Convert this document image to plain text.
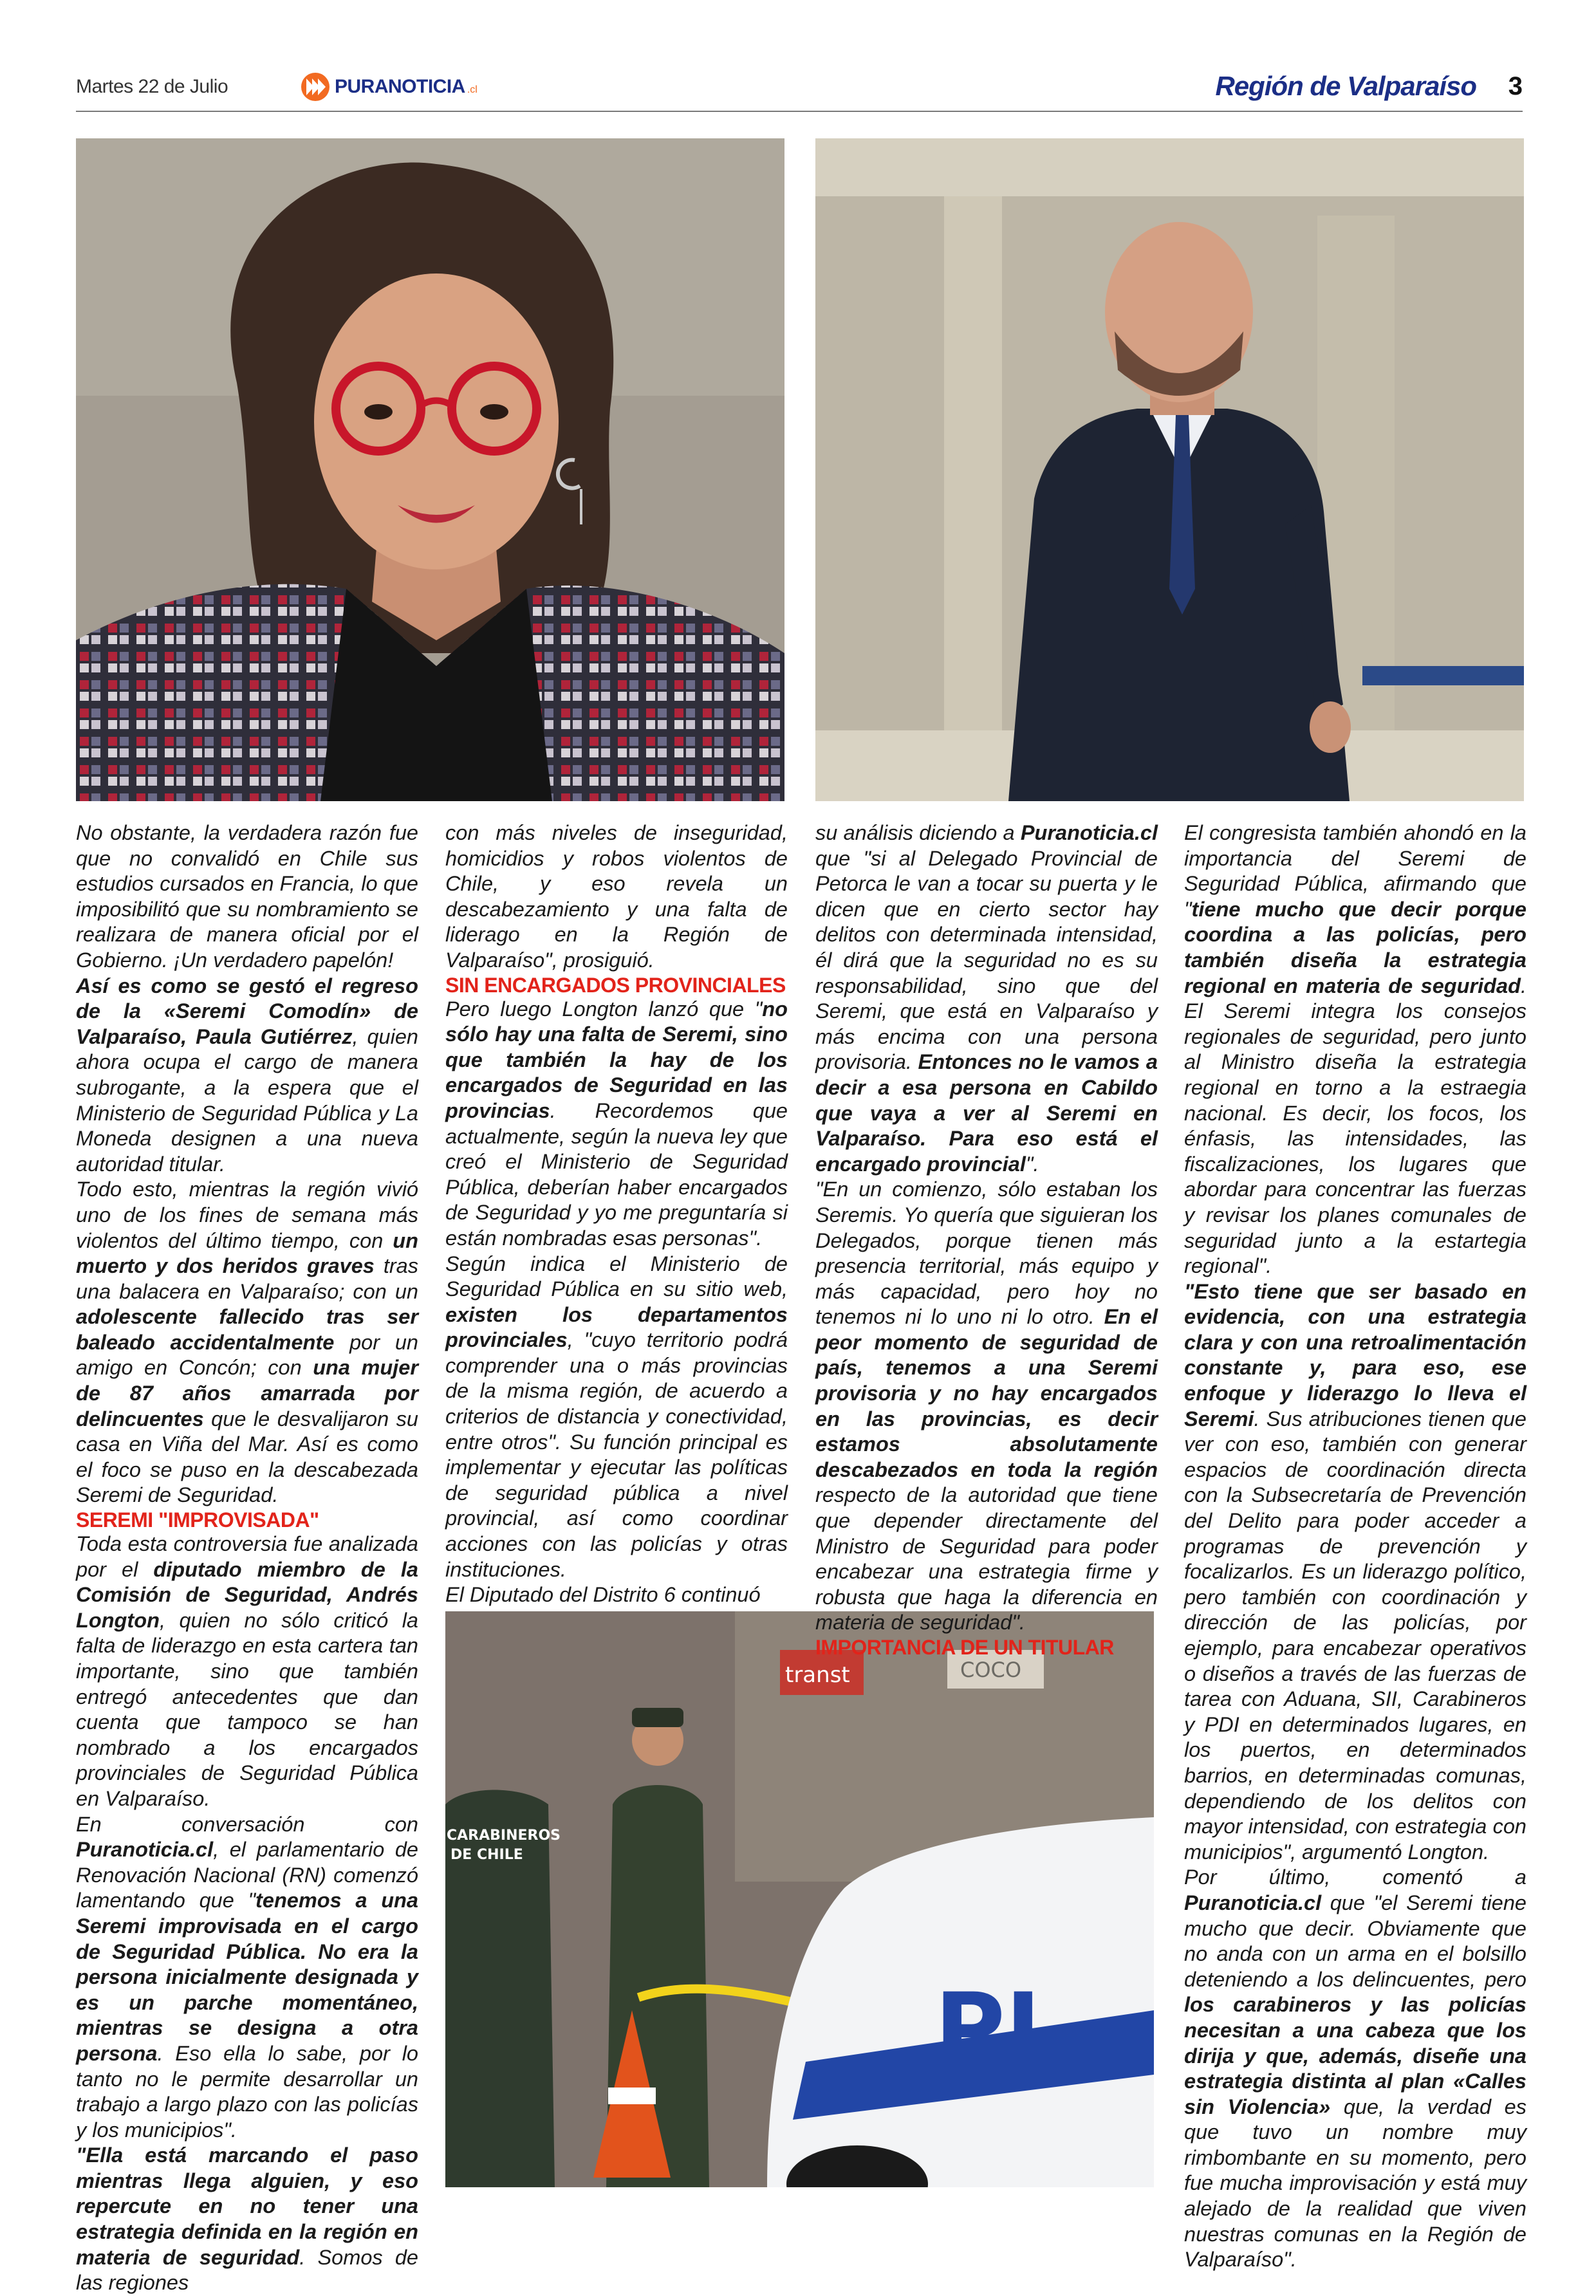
Martes 22 de Julio	PURANOTICIA .cl	Región de Valparaíso 3
transt	COCO
CARABINEROS
DE CHILE
PI

No obstante, la verdadera razón fue que no convalidó en Chile sus estudios cursados en Francia, lo que imposibilitó que su nombramiento se realizara de manera oficial por el Gobierno. ¡Un verdadero papelón!

Así es como se gestó el regreso de la «Seremi Comodín» de Valparaíso, Paula Gutiérrez, quien ahora ocupa el cargo de manera subrogante, a la espera que el Ministerio de Seguridad Pública y La Moneda designen a una nueva autoridad titular.

Todo esto, mientras la región vivió uno de los fines de semana más violentos del último tiempo, con un muerto y dos heridos graves tras una balacera en Valparaíso; con un adolescente fallecido tras ser baleado accidentalmente por un amigo en Concón; con una mujer de 87 años amarrada por delincuentes que le desvalijaron su casa en Viña del Mar. Así es como el foco se puso en la descabezada Seremi de Seguridad.

SEREMI "IMPROVISADA"

Toda esta controversia fue analizada por el diputado miembro de la Comisión de Seguridad, Andrés Longton, quien no sólo criticó la falta de liderazgo en esta cartera tan importante, sino que también entregó antecedentes que dan cuenta que tampoco se han nombrado a los encargados provinciales de Seguridad Pública en Valparaíso.

En conversación con Puranoticia.cl, el parlamentario de Renovación Nacional (RN) comenzó lamentando que "tenemos a una Seremi improvisada en el cargo de Seguridad Pública. No era la persona inicialmente designada y es un parche momentáneo, mientras se designa a otra persona. Eso ella lo sabe, por lo tanto no le permite desarrollar un trabajo a largo plazo con las policías y los municipios".

"Ella está marcando el paso mientras llega alguien, y eso repercute en no tener una estrategia definida en la región en materia de seguridad. Somos de las regiones

con más niveles de inseguridad, homicidios y robos violentos de Chile, y eso revela un descabezamiento y una falta de liderago en la Región de Valparaíso", prosiguió.

SIN ENCARGADOS PROVINCIALES

Pero luego Longton lanzó que "no sólo hay una falta de Seremi, sino que también la hay de los encargados de Seguridad en las provincias. Recordemos que actualmente, según la nueva ley que creó el Ministerio de Seguridad Pública, deberían haber encargados de Seguridad y yo me preguntaría si están nombradas esas personas".

Según indica el Ministerio de Seguridad Pública en su sitio web, existen los departamentos provinciales, "cuyo territorio podrá comprender una o más provincias de la misma región, de acuerdo a criterios de distancia y conectividad, entre otros". Su función principal es implementar y ejecutar las políticas de seguridad pública a nivel provincial, así como coordinar acciones con las policías y otras instituciones.

El Diputado del Distrito 6 continuó

su análisis diciendo a Puranoticia.cl que "si al Delegado Provincial de Petorca le van a tocar su puerta y le dicen que en cierto sector hay delitos con determinada intensidad, él dirá que la seguridad no es su responsabilidad, sino que del Seremi, que está en Valparaíso y más encima con una persona provisoria. Entonces no le vamos a decir a esa persona en Cabildo que vaya a ver al Seremi en Valparaíso. Para eso está el encargado provincial".

"En un comienzo, sólo estaban los Seremis. Yo quería que siguieran los Delegados, porque tienen más presencia territorial, más equipo y más capacidad, pero hoy no tenemos ni lo uno ni lo otro. En el peor momento de seguridad de país, tenemos a una Seremi provisoria y no hay encargados en las provincias, es decir estamos absolutamente descabezados en toda la región respecto de la autoridad que tiene que depender directamente del Ministro de Seguridad para poder encabezar una estrategia firme y robusta que haga la diferencia en materia de seguridad".

IMPORTANCIA DE UN TITULAR

El congresista también ahondó en la importancia del Seremi de Seguridad Pública, afirmando que "tiene mucho que decir porque coordina a las policías, pero también diseña la estrategia regional en materia de seguridad. El Seremi integra los consejos regionales de seguridad, pero junto al Ministro diseña la estrategia regional en torno a la estraegia nacional. Es decir, los focos, los énfasis, las intensidades, las fiscalizaciones, los lugares que abordar para concentrar las fuerzas y revisar los planes comunales de seguridad junto a la estartegia regional".

"Esto tiene que ser basado en evidencia, con una estrategia clara y con una retroalimentación constante y, para eso, ese enfoque y liderazgo lo lleva el Seremi. Sus atribuciones tienen que ver con eso, también con generar espacios de coordinación directa con la Subsecretaría de Prevención del Delito para poder acceder a programas de prevención y focalizarlos. Es un liderazgo político, pero también con coordinación y dirección de las policías, por ejemplo, para encabezar operativos o diseños a través de las fuerzas de tarea con Aduana, SII, Carabineros y PDI en determinados lugares, en los puertos, en determinados barrios, en determinadas comunas, dependiendo de los delitos con mayor intensidad, con estrategia con municipios", argumentó Longton.

Por último, comentó a Puranoticia.cl que "el Seremi tiene mucho que decir. Obviamente que no anda con un arma en el bolsillo deteniendo a los delincuentes, pero los carabineros y las policías necesitan a una cabeza que los dirija y que, además, diseñe una estrategia distinta al plan «Calles sin Violencia» que, la verdad es que tuvo un nombre muy rimbombante en su momento, pero fue mucha improvisación y está muy alejado de la realidad que viven nuestras comunas en la Región de Valparaíso".
